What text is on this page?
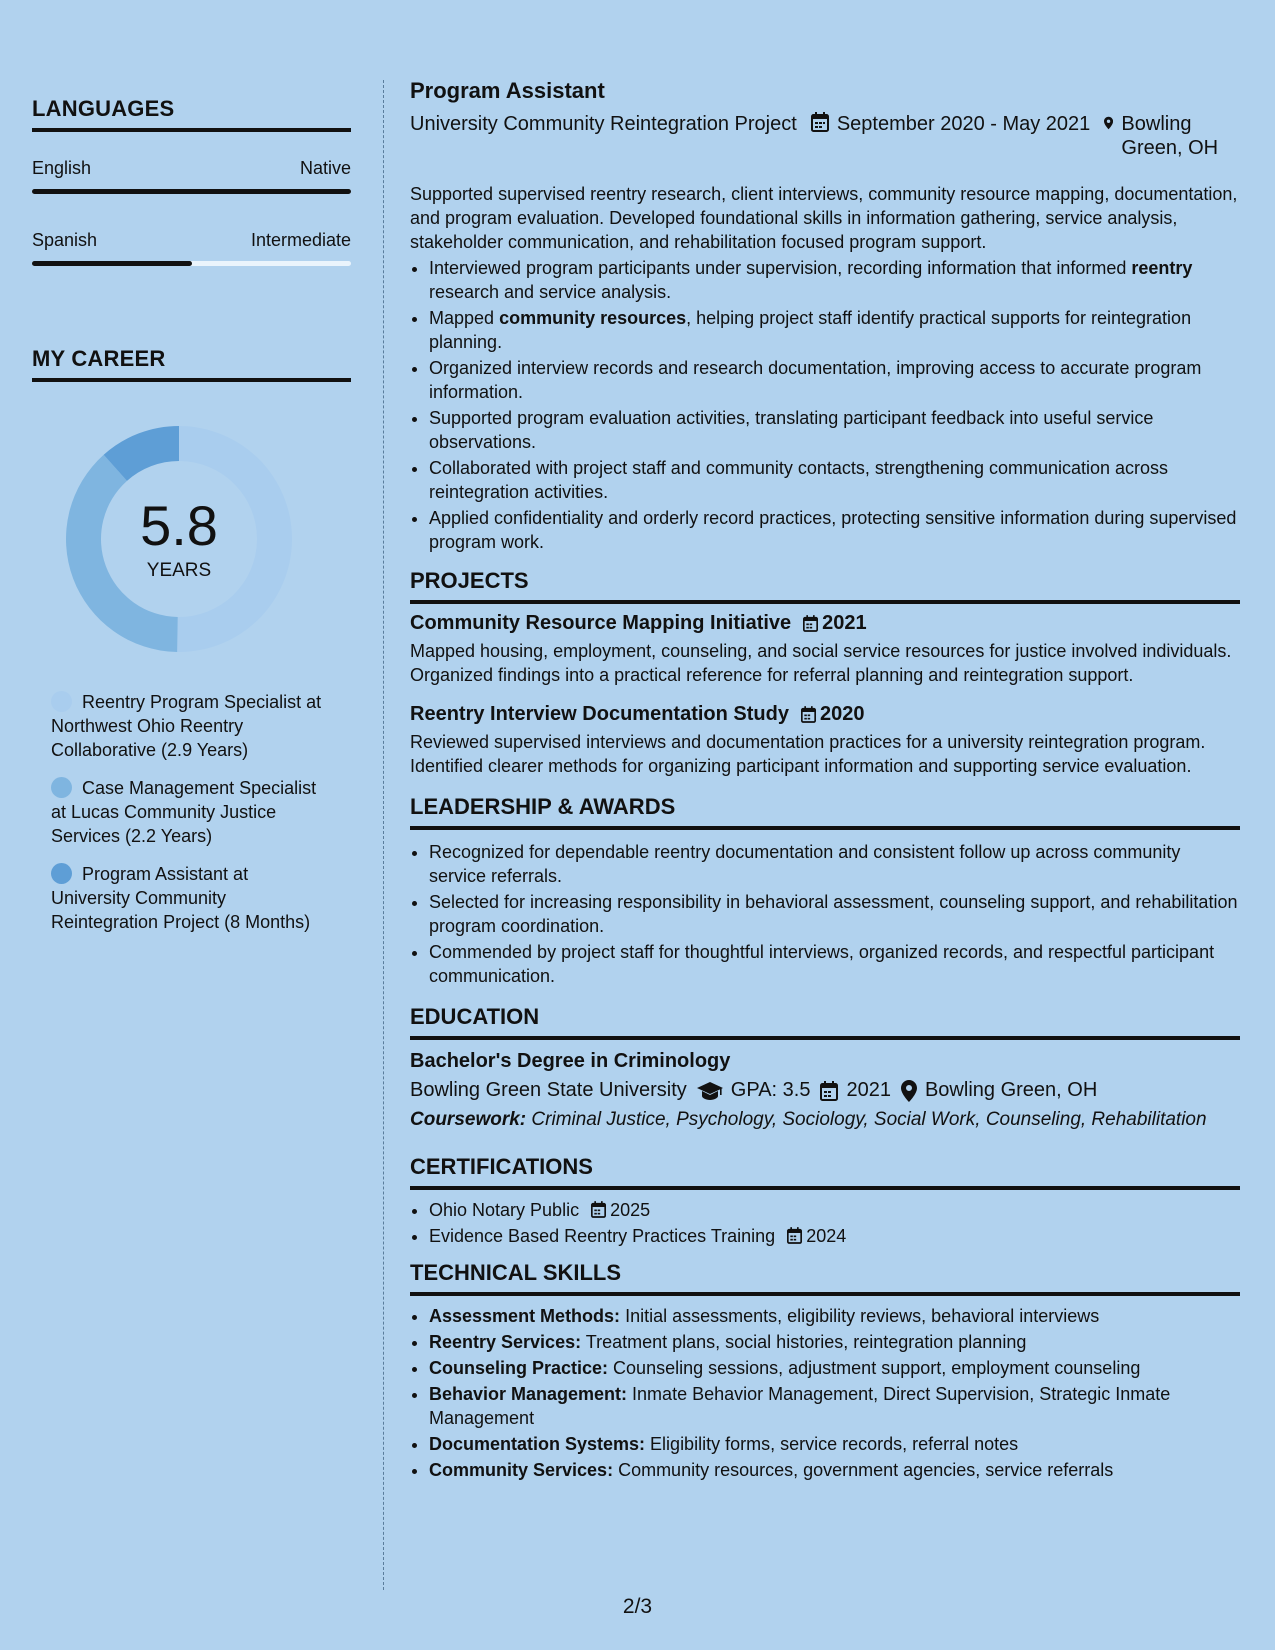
LANGUAGES
English	Native
Spanish	Intermediate
MY CAREER
5.8
YEARS
Reentry Program Specialist at Northwest Ohio Reentry Collaborative (2.9 Years)
Case Management Specialist at Lucas Community Justice Services (2.2 Years)
Program Assistant at University Community Reintegration Project (8 Months)
Program Assistant
University Community Reintegration Project September 2020 - May 2021 Bowling Green, OH
Supported supervised reentry research, client interviews, community resource mapping, documentation, and program evaluation. Developed foundational skills in information gathering, service analysis, stakeholder communication, and rehabilitation focused program support.
• Interviewed program participants under supervision, recording information that informed reentry research and service analysis.
• Mapped community resources, helping project staff identify practical supports for reintegration planning.
• Organized interview records and research documentation, improving access to accurate program information.
• Supported program evaluation activities, translating participant feedback into useful service observations.
• Collaborated with project staff and community contacts, strengthening communication across reintegration activities.
• Applied confidentiality and orderly record practices, protecting sensitive information during supervised program work.
PROJECTS
Community Resource Mapping Initiative 2021
Mapped housing, employment, counseling, and social service resources for justice involved individuals. Organized findings into a practical reference for referral planning and reintegration support.
Reentry Interview Documentation Study 2020
Reviewed supervised interviews and documentation practices for a university reintegration program. Identified clearer methods for organizing participant information and supporting service evaluation.
LEADERSHIP & AWARDS
• Recognized for dependable reentry documentation and consistent follow up across community service referrals.
• Selected for increasing responsibility in behavioral assessment, counseling support, and rehabilitation program coordination.
• Commended by project staff for thoughtful interviews, organized records, and respectful participant communication.
EDUCATION
Bachelor's Degree in Criminology
Bowling Green State University GPA: 3.5 2021 Bowling Green, OH
Coursework: Criminal Justice, Psychology, Sociology, Social Work, Counseling, Rehabilitation
CERTIFICATIONS
• Ohio Notary Public 2025
• Evidence Based Reentry Practices Training 2024
TECHNICAL SKILLS
• Assessment Methods: Initial assessments, eligibility reviews, behavioral interviews
• Reentry Services: Treatment plans, social histories, reintegration planning
• Counseling Practice: Counseling sessions, adjustment support, employment counseling
• Behavior Management: Inmate Behavior Management, Direct Supervision, Strategic Inmate Management
• Documentation Systems: Eligibility forms, service records, referral notes
• Community Services: Community resources, government agencies, service referrals
2/3
